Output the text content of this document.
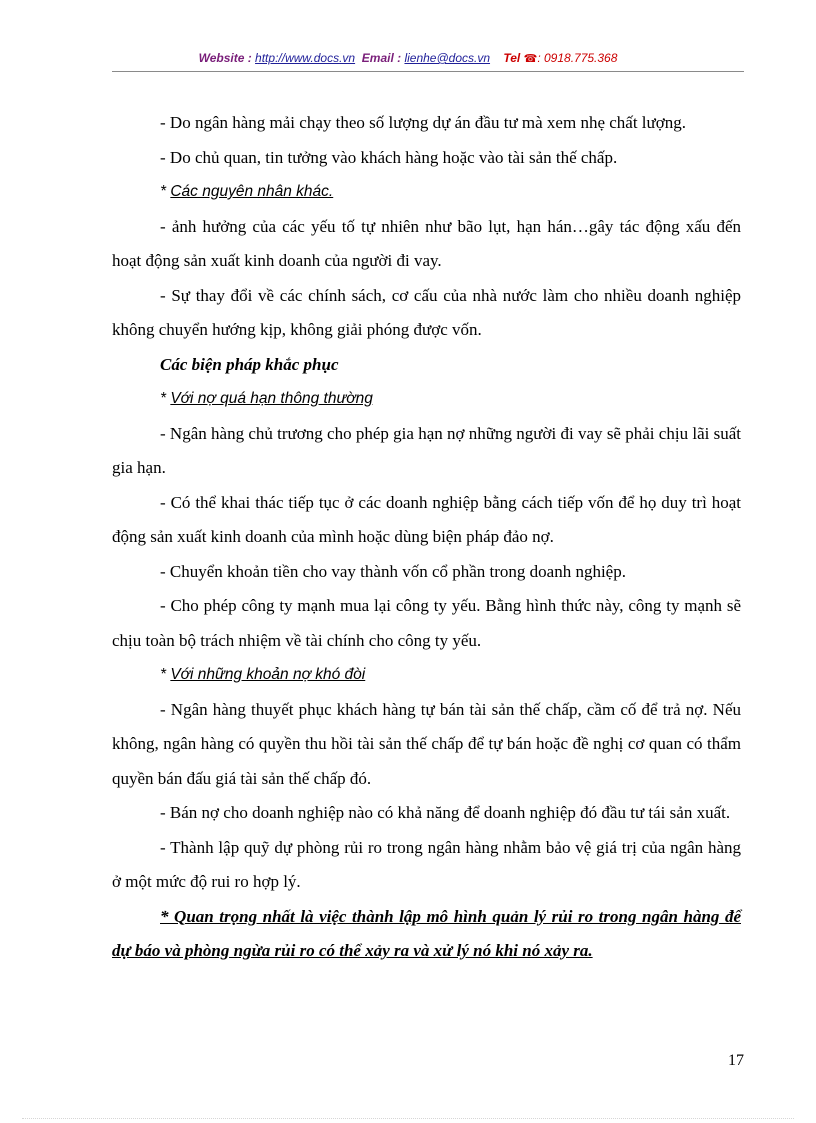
Website : http://www.docs.vn Email : lienhe@docs.vn Tel ☎: 0918.775.368

- Do ngân hàng mải chạy theo số lượng dự án đầu tư mà xem nhẹ chất lượng.

- Do chủ quan, tin tưởng vào khách hàng hoặc vào tài sản thế chấp.

* Các nguyên nhân khác.

- ảnh hưởng của các yếu tố tự nhiên như bão lụt, hạn hán…gây tác động xấu đến hoạt động sản xuất kinh doanh của người đi vay.

- Sự thay đổi về các chính sách, cơ cấu của nhà nước làm cho nhiều doanh nghiệp không chuyển hướng kịp, không giải phóng được vốn.

Các biện pháp khắc phục

* Với nợ quá hạn thông thường

- Ngân hàng chủ trương cho phép gia hạn nợ những người đi vay sẽ phải chịu lãi suất gia hạn.

- Có thể khai thác tiếp tục ở các doanh nghiệp bằng cách tiếp vốn để họ duy trì hoạt động sản xuất kinh doanh của mình hoặc dùng biện pháp đảo nợ.

- Chuyển khoản tiền cho vay thành vốn cổ phần trong doanh nghiệp.

- Cho phép công ty mạnh mua lại công ty yếu. Bằng hình thức này, công ty mạnh sẽ chịu toàn bộ trách nhiệm về tài chính cho công ty yếu.

* Với những khoản nợ khó đòi

- Ngân hàng thuyết phục khách hàng tự bán tài sản thế chấp, cầm cố để trả nợ. Nếu không, ngân hàng có quyền thu hồi tài sản thế chấp để tự bán hoặc đề nghị cơ quan có thẩm quyền bán đấu giá tài sản thế chấp đó.

- Bán nợ cho doanh nghiệp nào có khả năng để doanh nghiệp đó đầu tư tái sản xuất.

- Thành lập quỹ dự phòng rủi ro trong ngân hàng nhằm bảo vệ giá trị của ngân hàng ở một mức độ rui ro hợp lý.

* Quan trọng nhất là việc thành lập mô hình quản lý rủi ro trong ngân hàng để dự báo và phòng ngừa rủi ro có thể xảy ra và xử lý nó khi nó xảy ra.

17
